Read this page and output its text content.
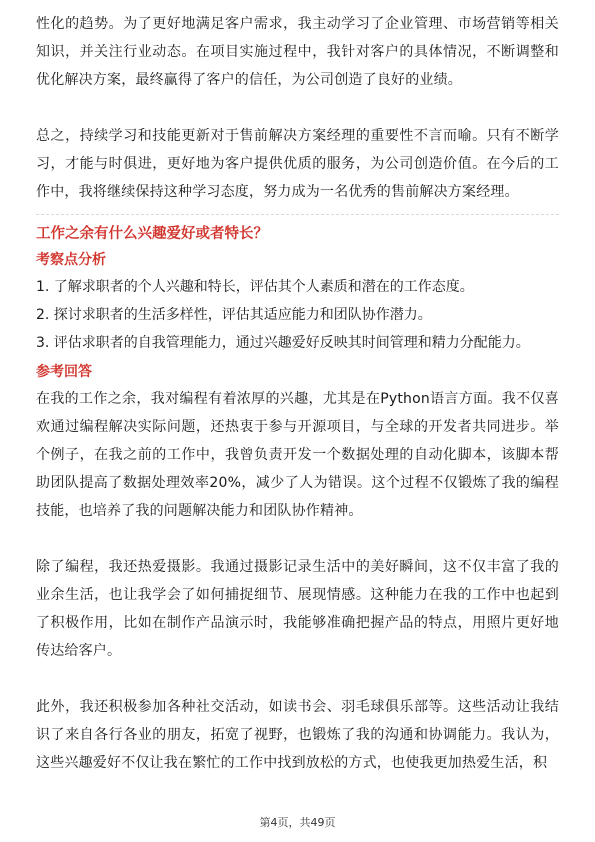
性化的趋势。为了更好地满足客户需求，我主动学习了企业管理、市场营销等相关知识，并关注行业动态。在项目实施过程中，我针对客户的具体情况，不断调整和优化解决方案，最终赢得了客户的信任，为公司创造了良好的业绩。

总之，持续学习和技能更新对于售前解决方案经理的重要性不言而喻。只有不断学习，才能与时俱进，更好地为客户提供优质的服务，为公司创造价值。在今后的工作中，我将继续保持这种学习态度，努力成为一名优秀的售前解决方案经理。

工作之余有什么兴趣爱好或者特长？

考察点分析

1. 了解求职者的个人兴趣和特长，评估其个人素质和潜在的工作态度。

2. 探讨求职者的生活多样性，评估其适应能力和团队协作潜力。

3. 评估求职者的自我管理能力，通过兴趣爱好反映其时间管理和精力分配能力。

参考回答

在我的工作之余，我对编程有着浓厚的兴趣，尤其是在Python语言方面。我不仅喜欢通过编程解决实际问题，还热衷于参与开源项目，与全球的开发者共同进步。举个例子，在我之前的工作中，我曾负责开发一个数据处理的自动化脚本，该脚本帮助团队提高了数据处理效率20%，减少了人为错误。这个过程不仅锻炼了我的编程技能，也培养了我的问题解决能力和团队协作精神。

除了编程，我还热爱摄影。我通过摄影记录生活中的美好瞬间，这不仅丰富了我的业余生活，也让我学会了如何捕捉细节、展现情感。这种能力在我的工作中也起到了积极作用，比如在制作产品演示时，我能够准确把握产品的特点，用照片更好地传达给客户。

此外，我还积极参加各种社交活动，如读书会、羽毛球俱乐部等。这些活动让我结识了来自各行各业的朋友，拓宽了视野，也锻炼了我的沟通和协调能力。我认为，这些兴趣爱好不仅让我在繁忙的工作中找到放松的方式，也使我更加热爱生活，积

第4页，共49页
